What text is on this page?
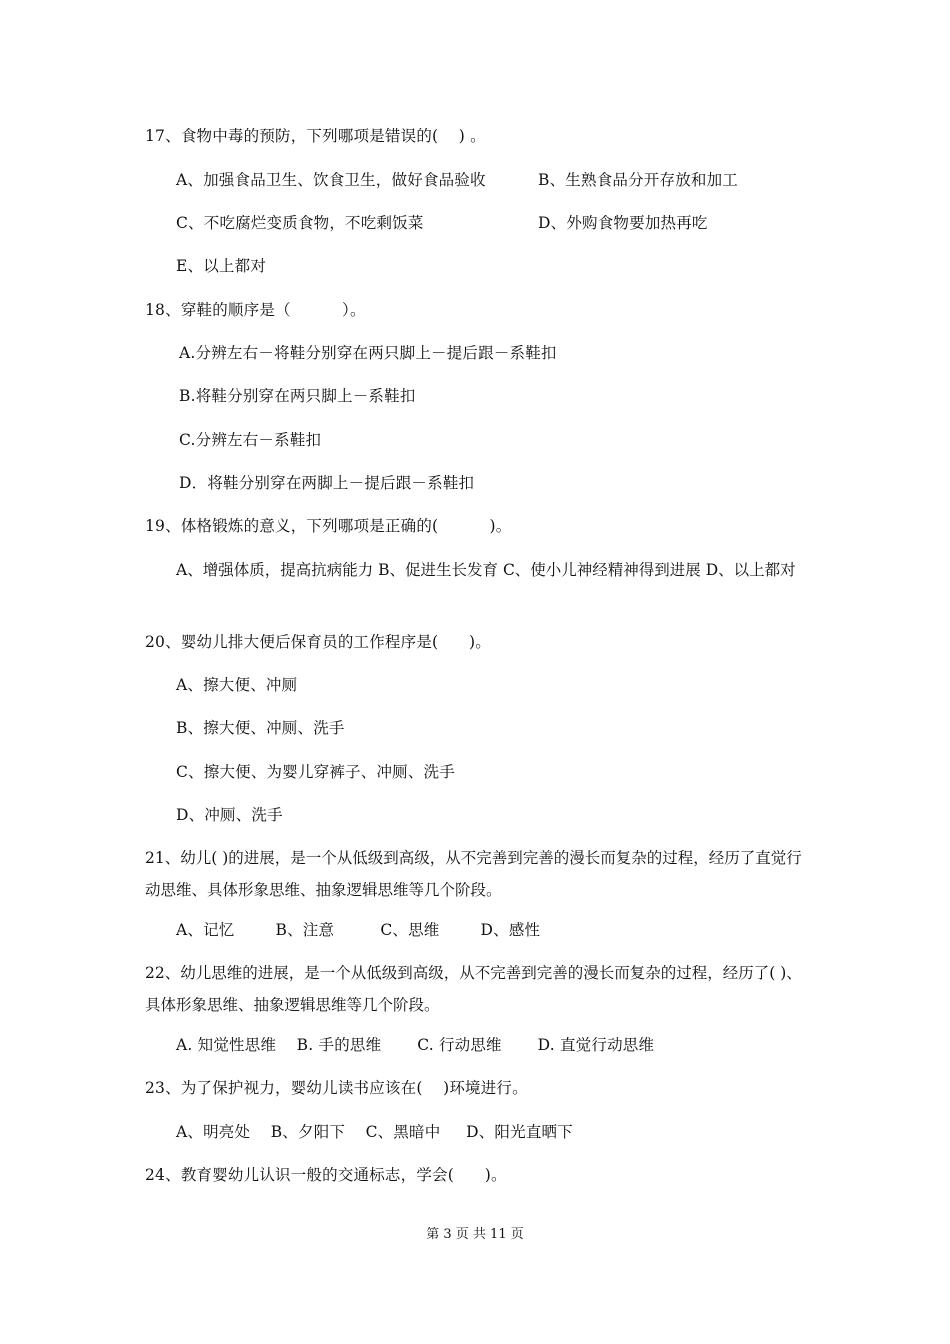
17、食物中毒的预防，下列哪项是错误的(    ) 。
A、加强食品卫生、饮食卫生，做好食品验收	B、生熟食品分开存放和加工
C、不吃腐烂变质食物，不吃剩饭菜	D、外购食物要加热再吃
E、以上都对
18、穿鞋的顺序是（          ）。
A.分辨左右－将鞋分别穿在两只脚上－提后跟－系鞋扣
B.将鞋分别穿在两只脚上－系鞋扣
C.分辨左右－系鞋扣
D．将鞋分别穿在两脚上－提后跟－系鞋扣
19、体格锻炼的意义，下列哪项是正确的(          )。
A、增强体质，提高抗病能力 B、促进生长发育 C、使小儿神经精神得到进展 D、以上都对
20、婴幼儿排大便后保育员的工作程序是(      )。
A、擦大便、冲厕
B、擦大便、冲厕、洗手
C、擦大便、为婴儿穿裤子、冲厕、洗手
D、冲厕、洗手
21、幼儿( )的进展，是一个从低级到高级，从不完善到完善的漫长而复杂的过程，经历了直觉行动思维、具体形象思维、抽象逻辑思维等几个阶段。
A、记忆        B、注意         C、思维        D、感性
22、幼儿思维的进展，是一个从低级到高级，从不完善到完善的漫长而复杂的过程，经历了( )、具体形象思维、抽象逻辑思维等几个阶段。
A. 知觉性思维    B. 手的思维       C. 行动思维       D. 直觉行动思维
23、为了保护视力，婴幼儿读书应该在(    )环境进行。
A、明亮处    B、夕阳下    C、黑暗中     D、阳光直晒下
24、教育婴幼儿认识一般的交通标志，学会(      )。
第 3 页 共 11 页
